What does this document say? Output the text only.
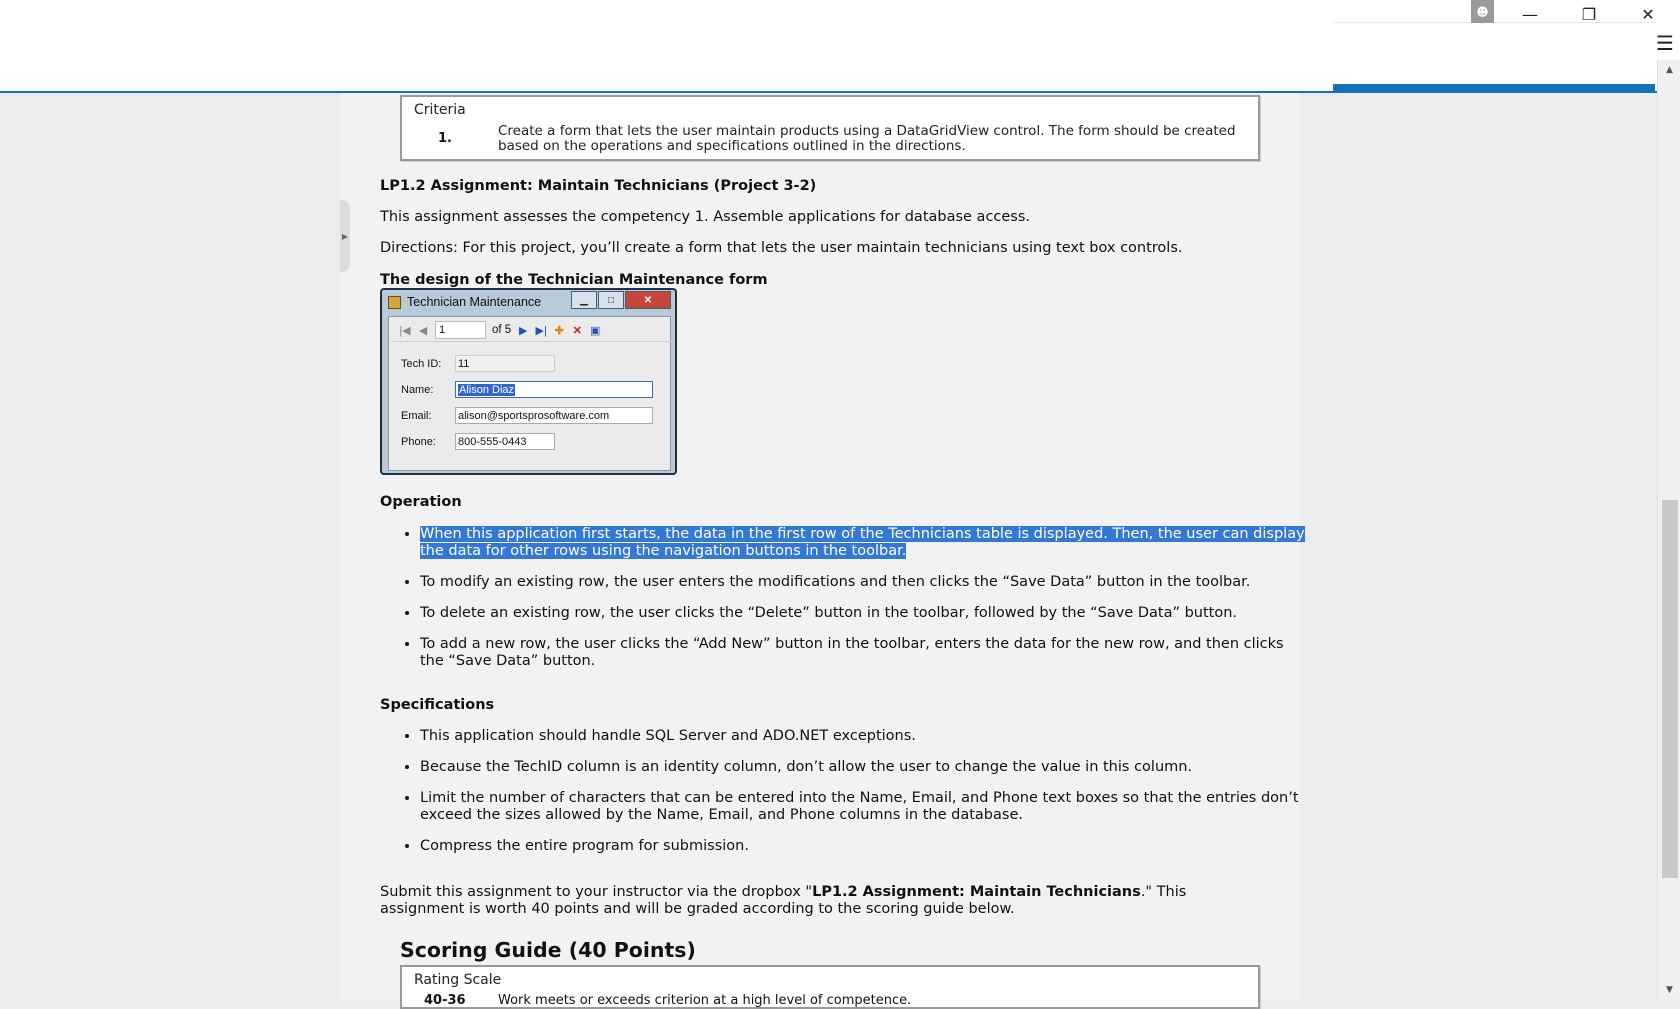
☻	—	❐	✕
☰
▲
▼
▶
Criteria
1.	Create a form that lets the user maintain products using a DataGridView control. The form should be created based on the operations and specifications outlined in the directions.
LP1.2 Assignment: Maintain Technicians (Project 3-2)
This assignment assesses the competency 1. Assemble applications for database access.
Directions: For this project, you’ll create a form that lets the user maintain technicians using text box controls.
The design of the Technician Maintenance form
Technician Maintenance	▁	□	✕
|◀ ◀	1	of 5 ▶ ▶| ✚ ✕ ▣
Tech ID:	11
Name:	Alison Diaz
Email:	alison@sportsprosoftware.com
Phone:	800-555-0443
Operation
• When this application first starts, the data in the first row of the Technicians table is displayed. Then, the user can display the data for other rows using the navigation buttons in the toolbar.
• To modify an existing row, the user enters the modifications and then clicks the “Save Data” button in the toolbar.
• To delete an existing row, the user clicks the “Delete” button in the toolbar, followed by the “Save Data” button.
• To add a new row, the user clicks the “Add New” button in the toolbar, enters the data for the new row, and then clicks the “Save Data” button.
Specifications
• This application should handle SQL Server and ADO.NET exceptions.
• Because the TechID column is an identity column, don’t allow the user to change the value in this column.
• Limit the number of characters that can be entered into the Name, Email, and Phone text boxes so that the entries don’t exceed the sizes allowed by the Name, Email, and Phone columns in the database.
• Compress the entire program for submission.
Submit this assignment to your instructor via the dropbox "LP1.2 Assignment: Maintain Technicians." This assignment is worth 40 points and will be graded according to the scoring guide below.
Scoring Guide (40 Points)
Rating Scale
40-36 Work meets or exceeds criterion at a high level of competence.
